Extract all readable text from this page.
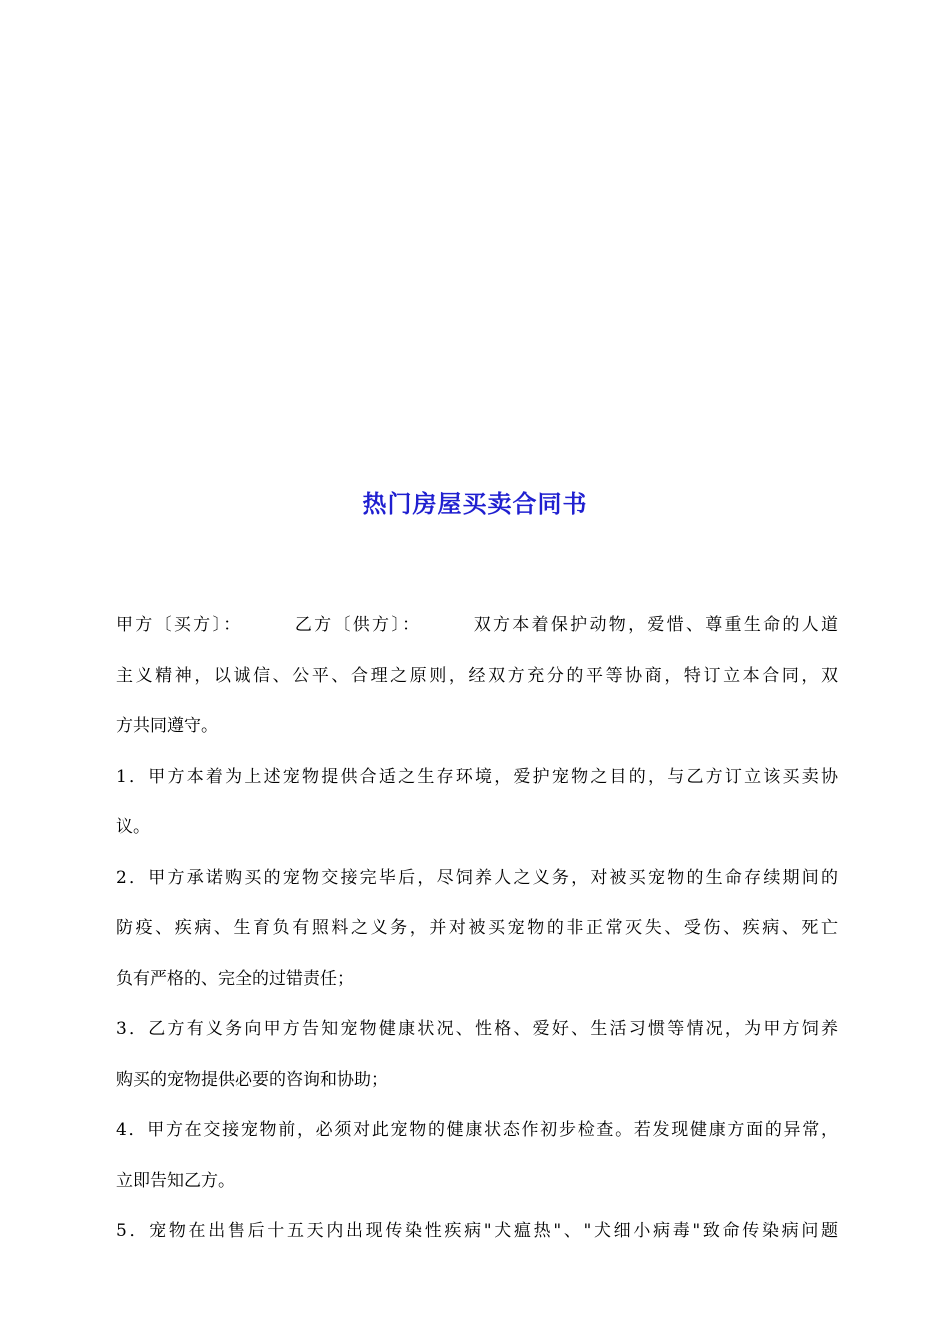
热门房屋买卖合同书
甲方〔买方〕：	乙方〔供方〕：	双方本着保护动物，爱惜、尊重生命的人道
主义精神，以诚信、公平、合理之原则，经双方充分的平等协商，特订立本合同，双
方共同遵守。
1．甲方本着为上述宠物提供合适之生存环境，爱护宠物之目的，与乙方订立该买卖协
议。
2．甲方承诺购买的宠物交接完毕后，尽饲养人之义务，对被买宠物的生命存续期间的
防疫、疾病、生育负有照料之义务，并对被买宠物的非正常灭失、受伤、疾病、死亡
负有严格的、完全的过错责任；
3．乙方有义务向甲方告知宠物健康状况、性格、爱好、生活习惯等情况，为甲方饲养
购买的宠物提供必要的咨询和协助；
4．甲方在交接宠物前，必须对此宠物的健康状态作初步检查。若发现健康方面的异常，
立即告知乙方。
5．宠物在出售后十五天内出现传染性疾病"犬瘟热"、"犬细小病毒"致命传染病问题
